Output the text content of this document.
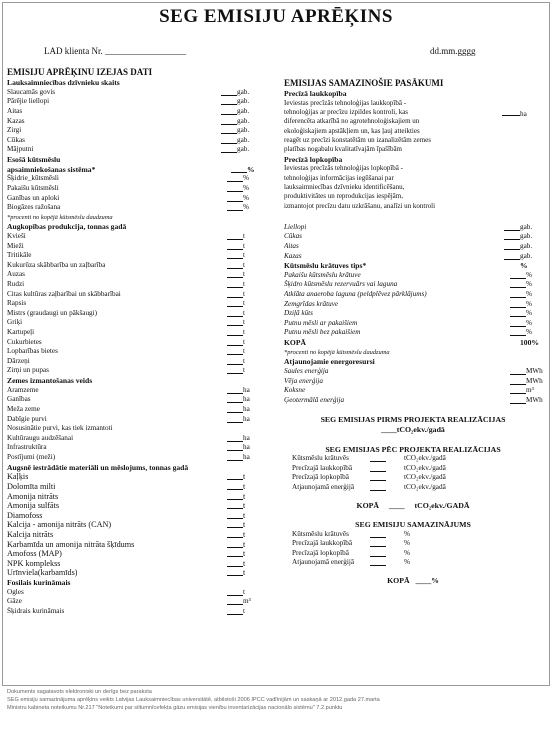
SEG EMISIJU APRĒĶINS
LAD klienta Nr. __________________	dd.mm.gggg
EMISIJU APRĒĶINU IZEJAS DATI
Lauksaimniecības dzīvnieku skaits
Slaucamās govis	gab.
Pārējie liellopi	gab.
Aitas	gab.
Kazas	gab.
Zirgi	gab.
Cūkas	gab.
Mājputni	gab.
Esošā kūtsmēslu
apsaimniekošanas sistēma*	%
Šķidrie_kūtsmēsli	%
Pakaišu kūtsmēsli	%
Ganības un aploki	%
Biogāzes ražošana	%
*procenti no kopējā kūtsmēslu daudzuma
Augkopības produkcija, tonnas gadā
Kvieši	t
Mieži	t
Tritikāle	t
Kukurūza skābbarība un zaļbarība	t
Auzas	t
Rudzi	t
Citas kultūras zaļbarībai un skābbarībai	t
Rapsis	t
Mistrs (graudaugi un pākšaugi)	t
Griķi	t
Kartupeļi	t
Cukurbietes	t
Lopbarības bietes	t
Dārzeņi	t
Zirņi un pupas	t
Zemes izmantošanas veids
Aramzeme	ha
Ganības	ha
Meža zeme	ha
Dabīgie purvi	ha
Nosusinātie purvi, kas tiek izmantoti
Kultūraugu audzēšanai	ha
Infrastruktūra	ha
Postījumi (meži)	ha
Augsnē iestrādātie materiāli un mēslojums, tonnas gadā
Kaļķis	t
Dolomīta milti	t
Amonija nitrāts	t
Amonija sulfāts	t
Diamofoss	t
Kalcija - amonija nitrāts (CAN)	t
Kalcija nitrāts	t
Karbamīda un amonija nitrāta šķīdums	t
Amofoss (MAP)	t
NPK komplekss	t
Urīnviela(karbamīds)	t
Fosilais kurināmais
Ogles	t
Gāze	m³
Šķidrais kurināmais	t
EMISIJAS SAMAZINOŠIE PASĀKUMI
Precīzā laukkopība
Ieviestas precīzās tehnoloģijas laukkopībā -
tehnoloģijas ar precīzu izpildes kontroli, kas
diferencēta atkarībā no agrotehnoloģiskajiem un
ekoloģiskajiem apstākļiem un, kas ļauj atteikties
reagēt uz precīzi konstatētām un izanalizētām zemes
platības nogabalu kvalitatīvajām īpašībām
ha
Precīzā lopkopība
Ieviestas precīzās tehnoloģijas lopkopībā -
tehnoloģijas informācijas iegūšanai par
lauksaimniecības dzīvnieku identificēšanu,
produktivitātes un reprodukcijas iespējām,
izmantojot precīzu datu uzkrāšanu, analīzi un kontroli
Liellopi	gab.
Cūkas	gab.
Aitas	gab.
Kazas	gab.
Kūtsmēslu krātuves tips*	%
Pakaišu kūtsmēslu krātuve	%
Šķidro kūtsmēslu rezervuārs vai laguna	%
Atklāta anaeroba laguna (peldplēvez pārklājums)	%
Zemgrīdas krātuve	%
Dziļā kūts	%
Putnu mēsli ar pakaišiem	%
Putnu mēsli bez pakaišiem	%
KOPĀ	100%
*procenti no kopējā kūtsmēslu daudzuma
Atjaunojamie energoresursi
Saules enerģija	MWh
Vēja enerģija	MWh
Koksne	m³
Ģeotermālā enerģija	MWh
SEG EMISIJAS PIRMS PROJEKTA REALIZĀCIJAS
____tCO₂ekv./gadā
SEG EMISIJAS PĒC PROJEKTA REALIZĀCIJAS
Kūtsmēslu krātuvēs	tCO₂ekv./gadā
Precīzajā laukkopībā	tCO₂ekv./gadā
Precīzajā lopkopībā	tCO₂ekv./gadā
Atjaunojamā enerģijā	tCO₂ekv./gadā
KOPĀ ____ tCO₂ekv./GADĀ
SEG EMISIJU SAMAZINĀJUMS
Kūtsmēslu krātuvēs	%
Precīzajā laukkopībā	%
Precīzajā lopkopībā	%
Atjaunojamā enerģijā	%
KOPĀ ____%
Dokuments sagatavots elektroniski un derīgs bez paraksta
SEG emisiju samazinājuma aprēķins veikts Latvijas Lauksaimniecības universitātē, atbilstoši 2006 IPCC vadlīnijām un saskaņā ar 2012.gada 27.marta
Ministru kabineta noteikumu Nr.217 "Noteikumi par siltumnīcefekta gāzu emisijas vienību inventarizācijas nacionālo sistēmu" 7.2.punktu
